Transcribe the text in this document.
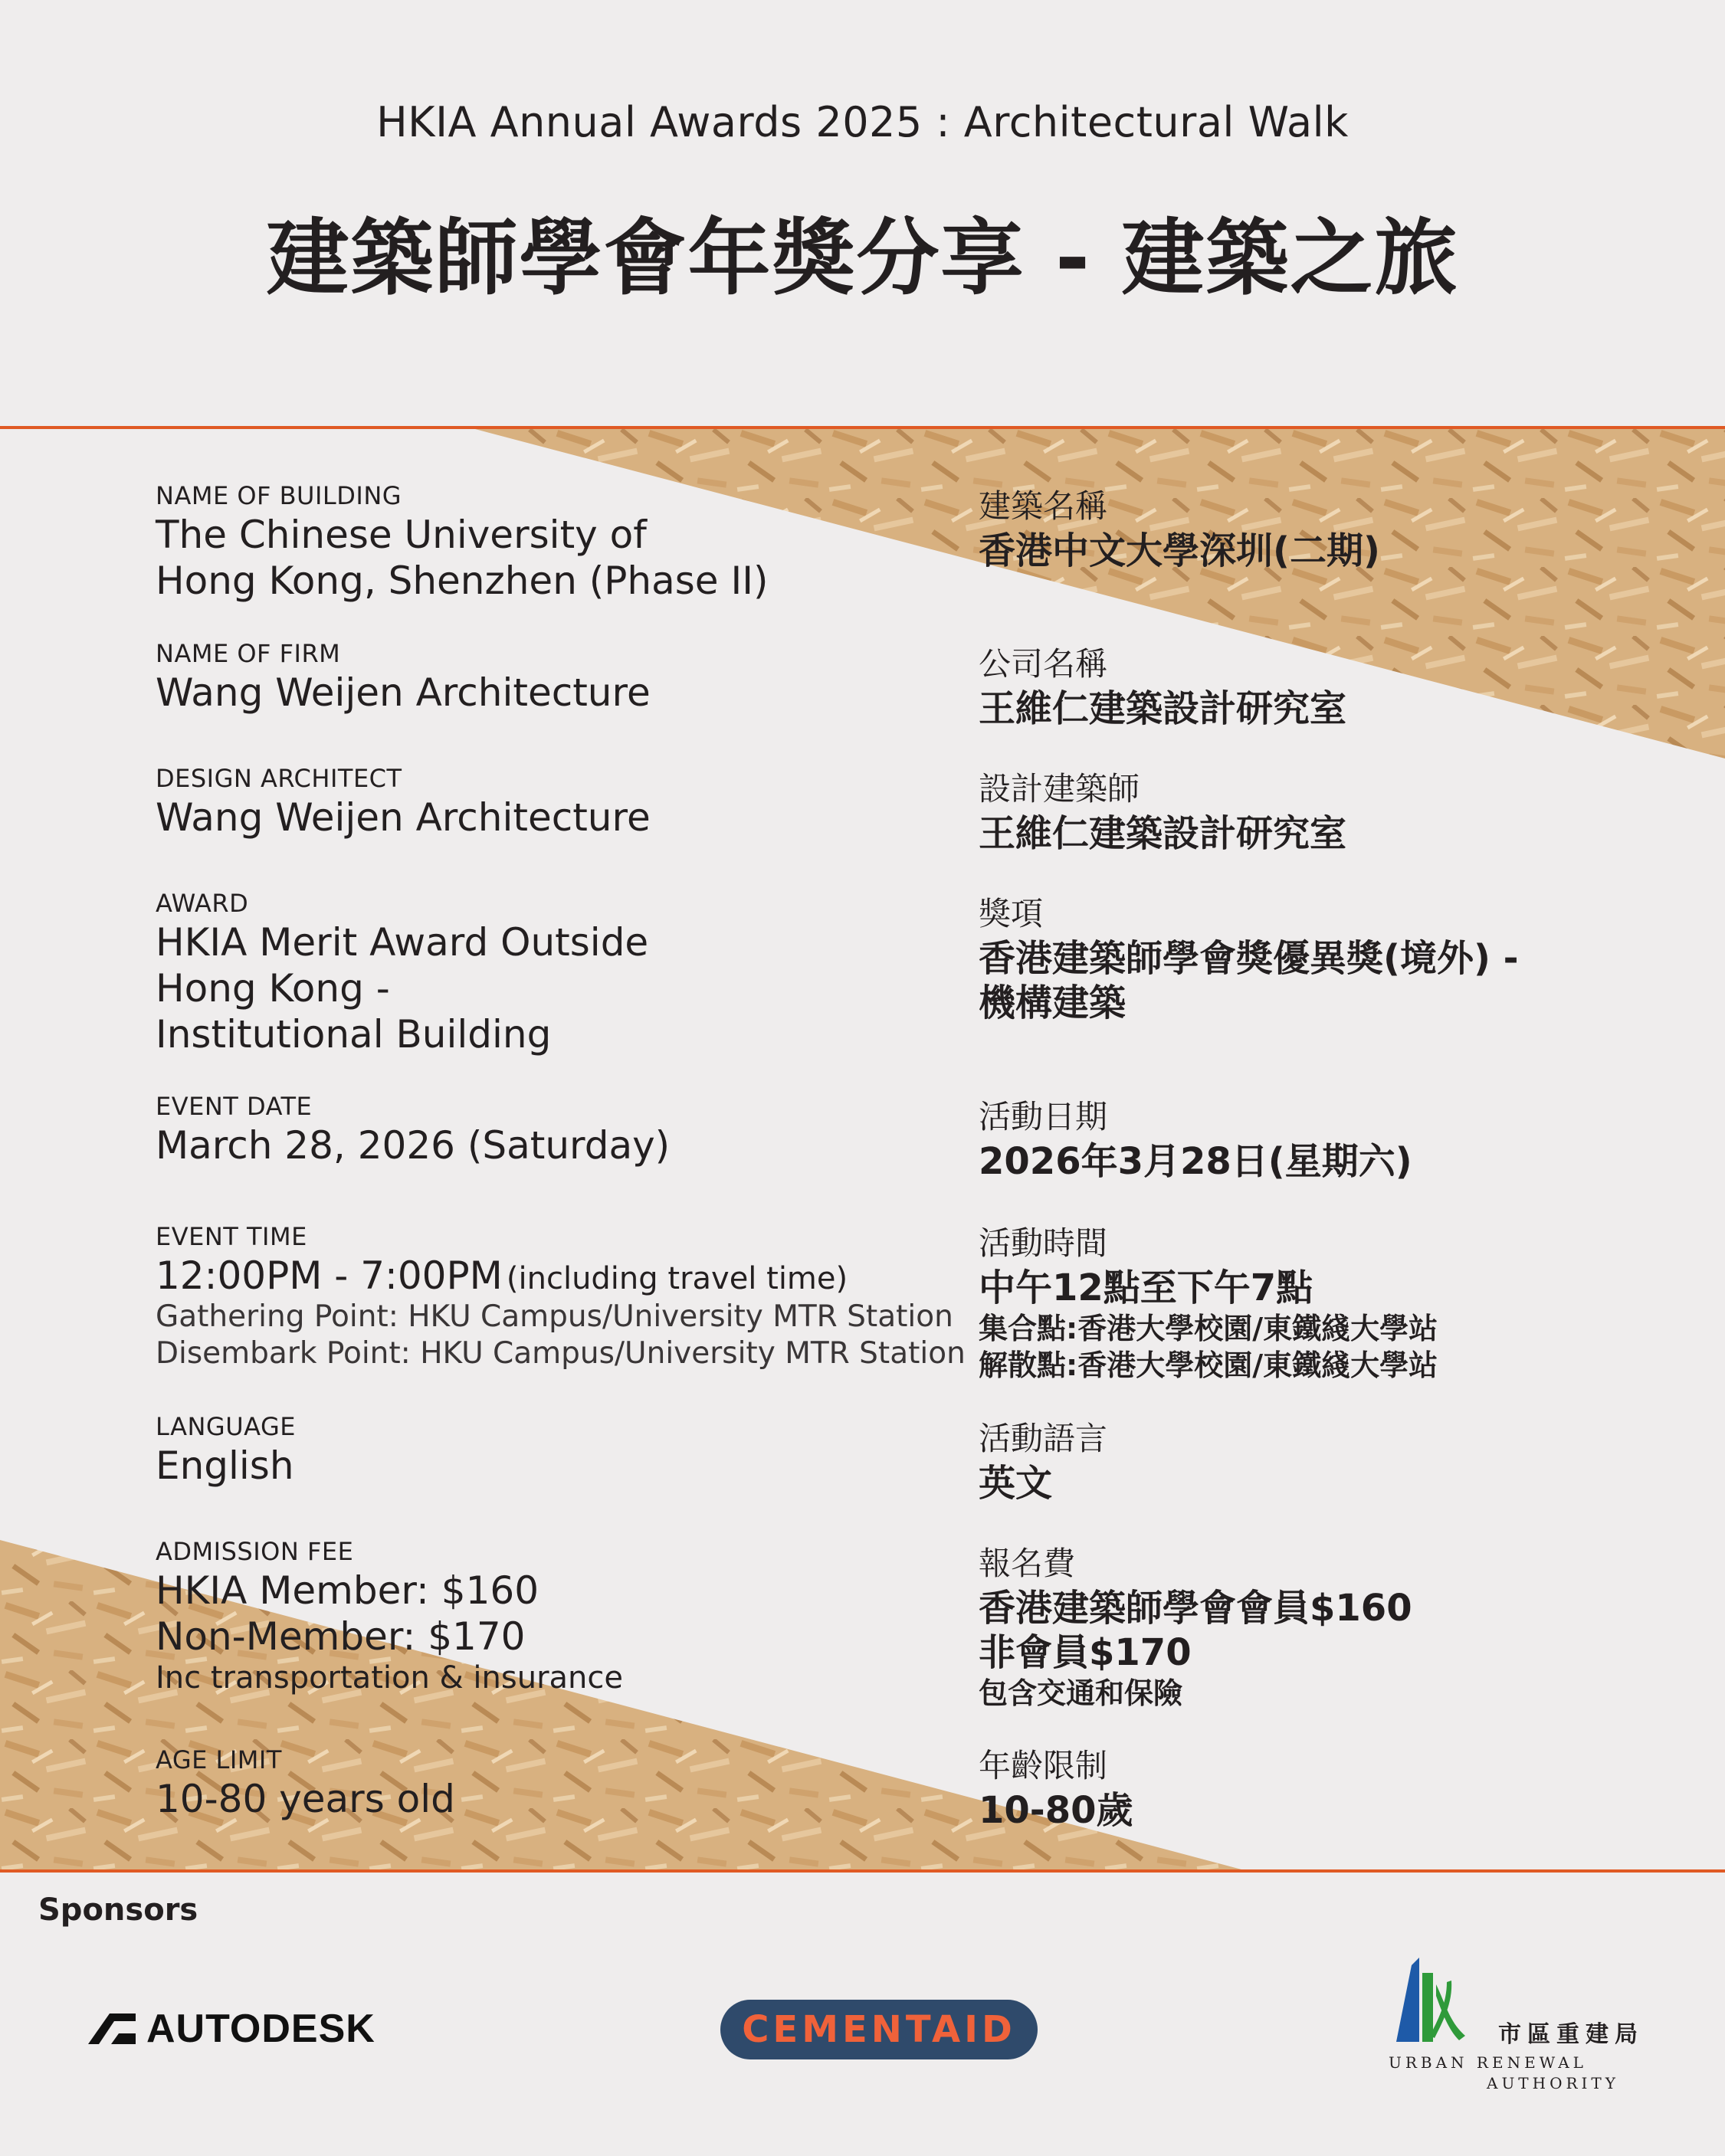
HKIA Annual Awards 2025 : Architectural Walk
建築師學會年獎分享 - 建築之旅
NAME OF BUILDING
The Chinese University of
Hong Kong, Shenzhen (Phase II)
NAME OF FIRM
Wang Weijen Architecture
DESIGN ARCHITECT
Wang Weijen Architecture
AWARD
HKIA Merit Award Outside
Hong Kong -
Institutional Building
EVENT DATE
March 28, 2026 (Saturday)
EVENT TIME
12:00PM - 7:00PM (including travel time)
Gathering Point: HKU Campus/University MTR Station
Disembark Point: HKU Campus/University MTR Station
LANGUAGE
English
ADMISSION FEE
HKIA Member: $160
Non-Member: $170
Inc transportation & insurance
AGE LIMIT
10-80 years old
建築名稱
香港中文大學深圳(二期)
公司名稱
王維仁建築設計研究室
設計建築師
王維仁建築設計研究室
獎項
香港建築師學會獎優異獎(境外) -
機構建築
活動日期
2026年3月28日(星期六)
活動時間
中午12點至下午7點
集合點:香港大學校園/東鐵綫大學站
解散點:香港大學校園/東鐵綫大學站
活動語言
英文
報名費
香港建築師學會會員$160
非會員$170
包含交通和保險
年齡限制
10-80歲
Sponsors
AUTODESK	CEMENTAID	市區重建局
URBAN RENEWAL
AUTHORITY
